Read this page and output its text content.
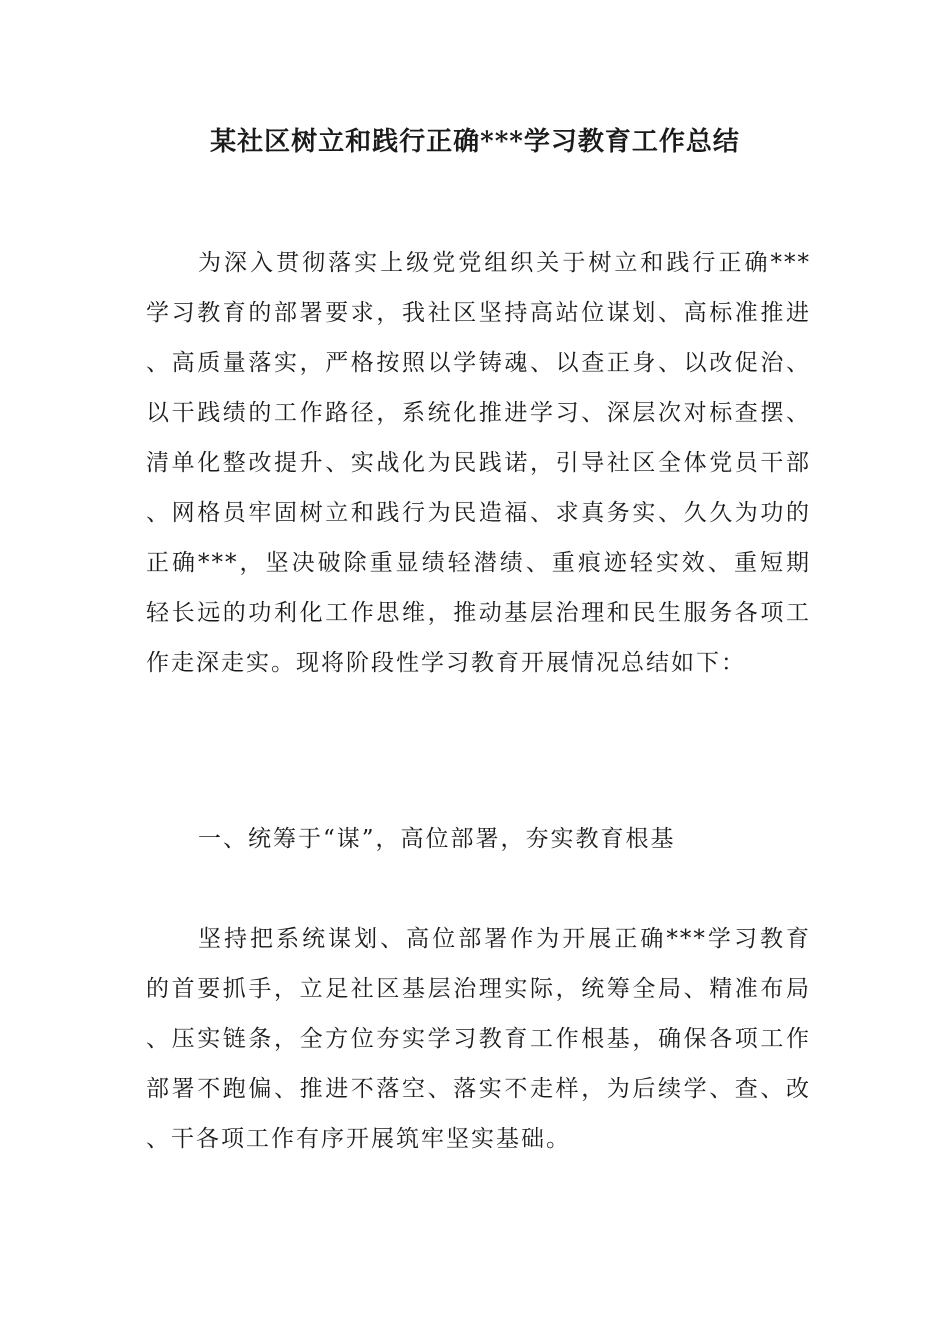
某社区树立和践行正确***学习教育工作总结

为深入贯彻落实上级党党组织关于树立和践行正确***学习教育的部署要求，我社区坚持高站位谋划、高标准推进、高质量落实，严格按照以学铸魂、以查正身、以改促治、以干践绩的工作路径，系统化推进学习、深层次对标查摆、清单化整改提升、实战化为民践诺，引导社区全体党员干部、网格员牢固树立和践行为民造福、求真务实、久久为功的正确***，坚决破除重显绩轻潜绩、重痕迹轻实效、重短期轻长远的功利化工作思维，推动基层治理和民生服务各项工作走深走实。现将阶段性学习教育开展情况总结如下：

一、统筹于“谋”，高位部署，夯实教育根基

坚持把系统谋划、高位部署作为开展正确***学习教育的首要抓手，立足社区基层治理实际，统筹全局、精准布局、压实链条，全方位夯实学习教育工作根基，确保各项工作部署不跑偏、推进不落空、落实不走样，为后续学、查、改、干各项工作有序开展筑牢坚实基础。
